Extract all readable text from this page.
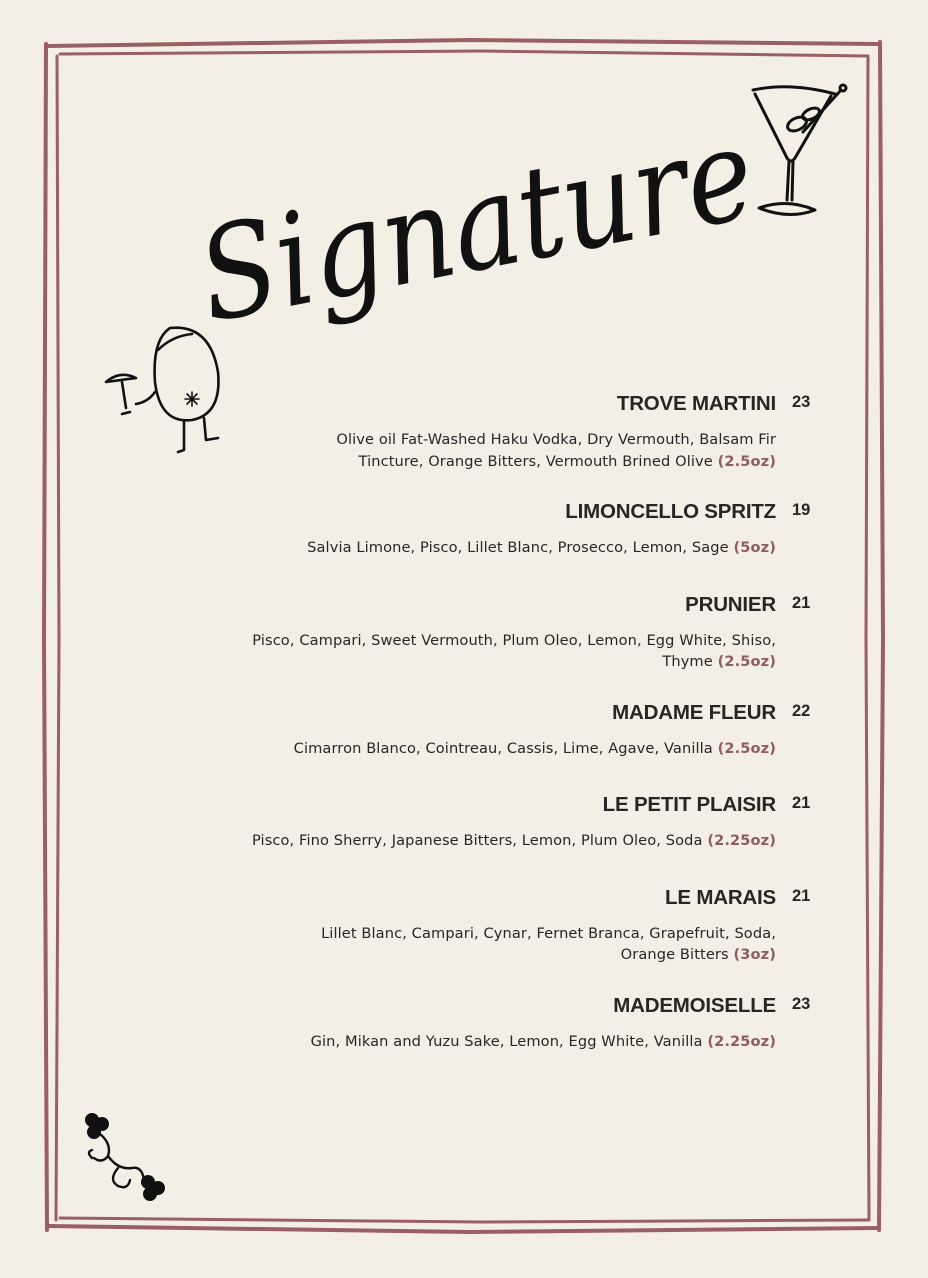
Signature
TROVE MARTINI 23
Olive oil Fat-Washed Haku Vodka, Dry Vermouth, Balsam Fir Tincture, Orange Bitters, Vermouth Brined Olive (2.5oz)
LIMONCELLO SPRITZ 19
Salvia Limone, Pisco, Lillet Blanc, Prosecco, Lemon, Sage (5oz)
PRUNIER 21
Pisco, Campari, Sweet Vermouth, Plum Oleo, Lemon, Egg White, Shiso, Thyme (2.5oz)
MADAME FLEUR 22
Cimarron Blanco, Cointreau, Cassis, Lime, Agave, Vanilla (2.5oz)
LE PETIT PLAISIR 21
Pisco, Fino Sherry, Japanese Bitters, Lemon, Plum Oleo, Soda (2.25oz)
LE MARAIS 21
Lillet Blanc, Campari, Cynar, Fernet Branca, Grapefruit, Soda, Orange Bitters (3oz)
MADEMOISELLE 23
Gin, Mikan and Yuzu Sake, Lemon, Egg White, Vanilla (2.25oz)
